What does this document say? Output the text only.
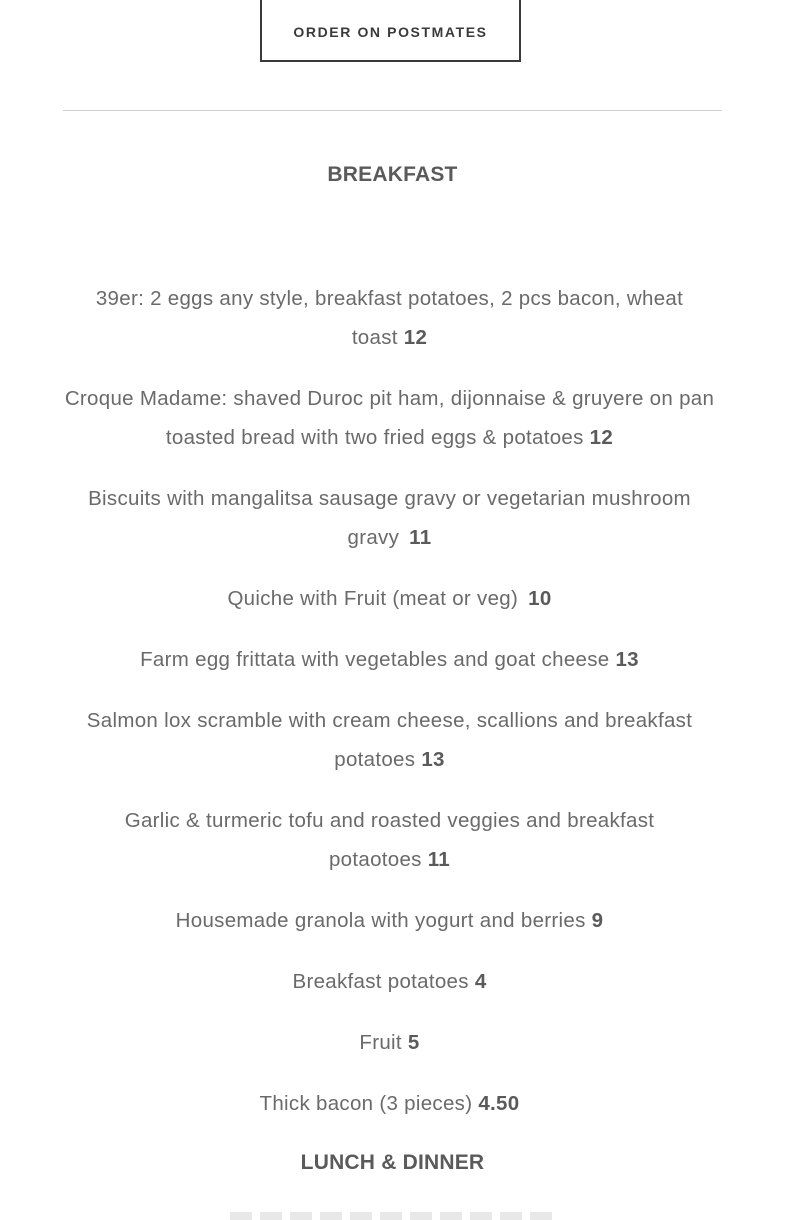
ORDER ON POSTMATES
BREAKFAST
39er: 2 eggs any style, breakfast potatoes, 2 pcs bacon, wheat toast 12
Croque Madame: shaved Duroc pit ham, dijonnaise & gruyere on pan toasted bread with two fried eggs & potatoes 12
Biscuits with mangalitsa sausage gravy or vegetarian mushroom gravy 11
Quiche with Fruit (meat or veg) 10
Farm egg frittata with vegetables and goat cheese 13
Salmon lox scramble with cream cheese, scallions and breakfast potatoes 13
Garlic & turmeric tofu and roasted veggies and breakfast potaotoes 11
Housemade granola with yogurt and berries 9
Breakfast potatoes 4
Fruit 5
Thick bacon (3 pieces) 4.50
LUNCH & DINNER
